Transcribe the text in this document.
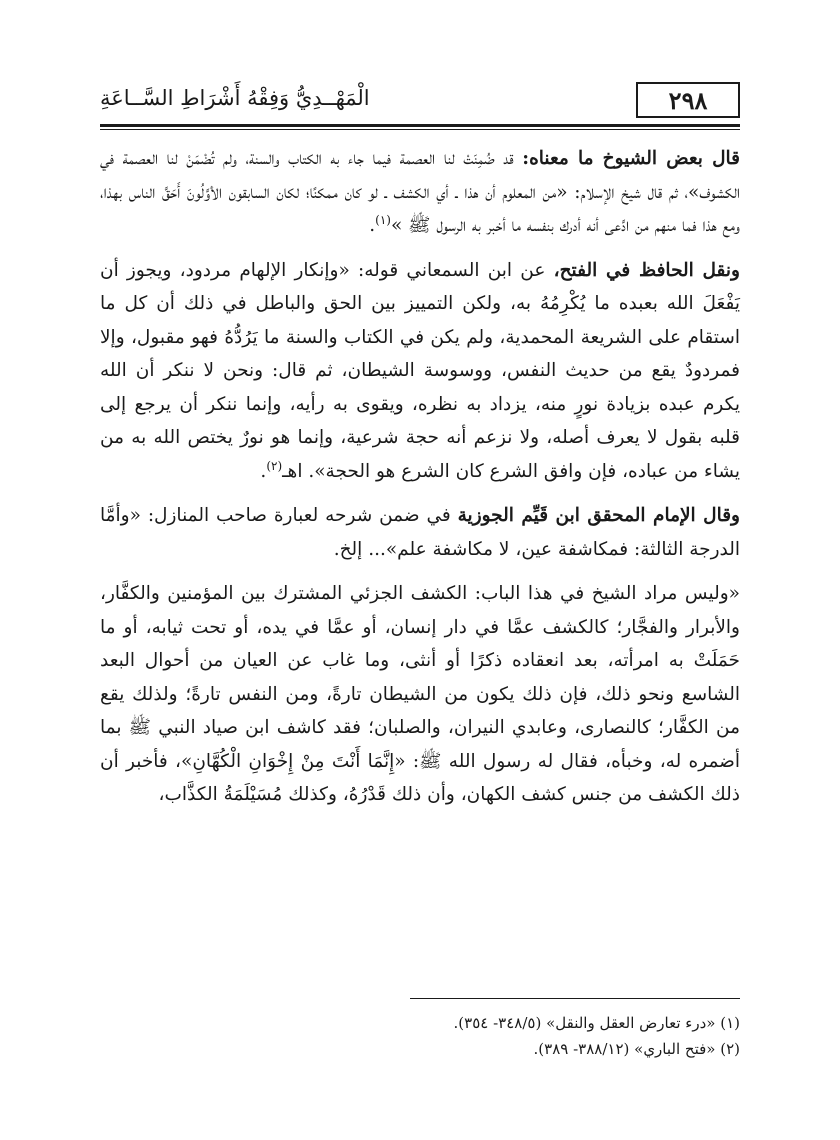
٢٩٨
الْمَهْــدِيُّ وَفِقْهُ أَشْرَاطِ السَّــاعَةِ

قال بعض الشيوخ ما معناه: قد ضُمِنَتْ لنا العصمة فيما جاء به الكتاب والسنة، ولم تُضْمَنْ لنا العصمة في الكشوف»، ثم قال شيخ الإسلام: «من المعلوم أن هذا ـ أي الكشف ـ لو كان ممكنًا؛ لكان السابقون الأوَّلُونَ أَحَقَّ الناس بهذا، ومع هذا فما منهم من ادَّعى أنه أدرك بنفسه ما أخبر به الرسول ﷺ »$^{(١)}$.

ونقل الحافظ في الفتح، عن ابن السمعاني قوله: «وإنكار الإلهام مردود، ويجوز أن يَفْعَلَ الله بعبده ما يُكْرِمُهُ به، ولكن التمييز بين الحق والباطل في ذلك أن كل ما استقام على الشريعة المحمدية، ولم يكن في الكتاب والسنة ما يَرُدُّهُ فهو مقبول، وإلا فمردودٌ يقع من حديث النفس، ووسوسة الشيطان، ثم قال: ونحن لا ننكر أن الله يكرم عبده بزيادة نورٍ منه، يزداد به نظره، ويقوى به رأيه، وإنما ننكر أن يرجع إلى قلبه بقول لا يعرف أصله، ولا نزعم أنه حجة شرعية، وإنما هو نورٌ يختص الله به من يشاء من عباده، فإن وافق الشرع كان الشرع هو الحجة». اهـ$^{(٢)}$.

وقال الإمام المحقق ابن قَيِّم الجوزية في ضمن شرحه لعبارة صاحب المنازل: «وأمَّا الدرجة الثالثة: فمكاشفة عين، لا مكاشفة علم»... إلخ.

«وليس مراد الشيخ في هذا الباب: الكشف الجزئي المشترك بين المؤمنين والكفَّار، والأبرار والفجَّار؛ كالكشف عمَّا في دار إنسان، أو عمَّا في يده، أو تحت ثيابه، أو ما حَمَلَتْ به امرأته، بعد انعقاده ذكرًا أو أنثى، وما غاب عن العيان من أحوال البعد الشاسع ونحو ذلك، فإن ذلك يكون من الشيطان تارةً، ومن النفس تارةً؛ ولذلك يقع من الكفَّار؛ كالنصارى، وعابدي النيران، والصلبان؛ فقد كاشف ابن صياد النبي ﷺ بما أضمره له، وخبأه، فقال له رسول الله ﷺ: «إِنَّمَا أَنْتَ مِنْ إِخْوَانِ الْكُهَّانِ»، فأخبر أن ذلك الكشف من جنس كشف الكهان، وأن ذلك قَدْرُهُ، وكذلك مُسَيْلَمَةُ الكذَّاب،

(١) «درء تعارض العقل والنقل» (٣٤٨/٥- ٣٥٤).

(٢) «فتح الباري» (٣٨٨/١٢- ٣٨٩).
